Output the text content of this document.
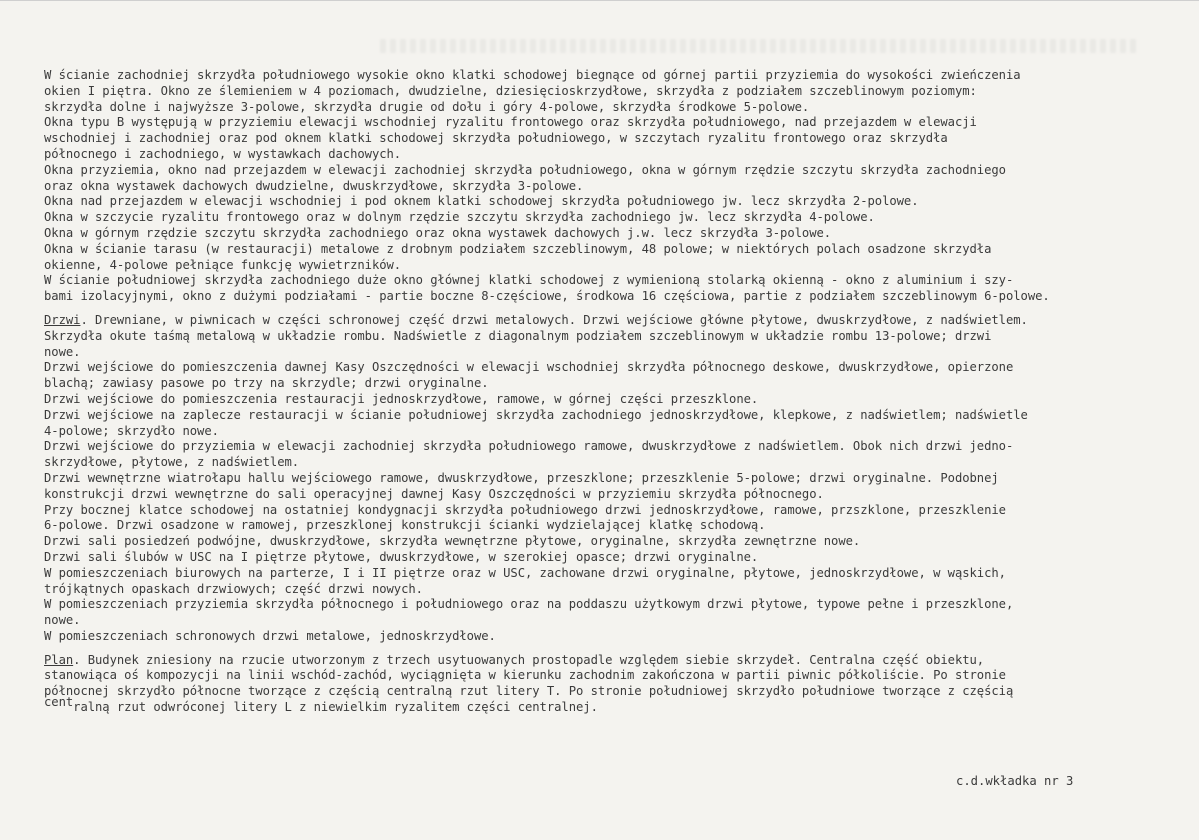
W ścianie zachodniej skrzydła południowego wysokie okno klatki schodowej biegnące od górnej partii przyziemia do wysokości zwieńczenia
okien I piętra. Okno ze ślemieniem w 4 poziomach, dwudzielne, dziesięcioskrzydłowe, skrzydła z podziałem szczeblinowym poziomym:
skrzydła dolne i najwyższe 3-polowe, skrzydła drugie od dołu i góry 4-polowe, skrzydła środkowe 5-polowe.
Okna typu B występują w przyziemiu elewacji wschodniej ryzalitu frontowego oraz skrzydła południowego, nad przejazdem w elewacji
wschodniej i zachodniej oraz pod oknem klatki schodowej skrzydła południowego, w szczytach ryzalitu frontowego oraz skrzydła
północnego i zachodniego, w wystawkach dachowych.
Okna przyziemia, okno nad przejazdem w elewacji zachodniej skrzydła południowego, okna w górnym rzędzie szczytu skrzydła zachodniego
oraz okna wystawek dachowych dwudzielne, dwuskrzydłowe, skrzydła 3-polowe.
Okna nad przejazdem w elewacji wschodniej i pod oknem klatki schodowej skrzydła południowego jw. lecz skrzydła 2-polowe.
Okna w szczycie ryzalitu frontowego oraz w dolnym rzędzie szczytu skrzydła zachodniego jw. lecz skrzydła 4-polowe.
Okna w górnym rzędzie szczytu skrzydła zachodniego oraz okna wystawek dachowych j.w. lecz skrzydła 3-polowe.
Okna w ścianie tarasu (w restauracji) metalowe z drobnym podziałem szczeblinowym, 48 polowe; w niektórych polach osadzone skrzydła
okienne, 4-polowe pełniące funkcję wywietrzników.
W ścianie południowej skrzydła zachodniego duże okno głównej klatki schodowej z wymienioną stolarką okienną - okno z aluminium i szy-
bami izolacyjnymi, okno z dużymi podziałami - partie boczne 8-częściowe, środkowa 16 częściowa, partie z podziałem szczeblinowym 6-polowe.
Drzwi. Drewniane, w piwnicach w części schronowej część drzwi metalowych. Drzwi wejściowe główne płytowe, dwuskrzydłowe, z nadświetlem.
Skrzydła okute taśmą metalową w układzie rombu. Nadświetle z diagonalnym podziałem szczeblinowym w układzie rombu 13-polowe; drzwi
nowe.
Drzwi wejściowe do pomieszczenia dawnej Kasy Oszczędności w elewacji wschodniej skrzydła północnego deskowe, dwuskrzydłowe, opierzone
blachą; zawiasy pasowe po trzy na skrzydle; drzwi oryginalne.
Drzwi wejściowe do pomieszczenia restauracji jednoskrzydłowe, ramowe, w górnej części przeszklone.
Drzwi wejściowe na zaplecze restauracji w ścianie południowej skrzydła zachodniego jednoskrzydłowe, klepkowe, z nadświetlem; nadświetle
4-polowe; skrzydło nowe.
Drzwi wejściowe do przyziemia w elewacji zachodniej skrzydła południowego ramowe, dwuskrzydłowe z nadświetlem. Obok nich drzwi jedno-
skrzydłowe, płytowe, z nadświetlem.
Drzwi wewnętrzne wiatrołapu hallu wejściowego ramowe, dwuskrzydłowe, przeszklone; przeszklenie 5-polowe; drzwi oryginalne. Podobnej
konstrukcji drzwi wewnętrzne do sali operacyjnej dawnej Kasy Oszczędności w przyziemiu skrzydła północnego.
Przy bocznej klatce schodowej na ostatniej kondygnacji skrzydła południowego drzwi jednoskrzydłowe, ramowe, przszklone, przeszklenie
6-polowe. Drzwi osadzone w ramowej, przeszklonej konstrukcji ścianki wydzielającej klatkę schodową.
Drzwi sali posiedzeń podwójne, dwuskrzydłowe, skrzydła wewnętrzne płytowe, oryginalne, skrzydła zewnętrzne nowe.
Drzwi sali ślubów w USC na I piętrze płytowe, dwuskrzydłowe, w szerokiej opasce; drzwi oryginalne.
W pomieszczeniach biurowych na parterze, I i II piętrze oraz w USC, zachowane drzwi oryginalne, płytowe, jednoskrzydłowe, w wąskich,
trójkątnych opaskach drzwiowych; część drzwi nowych.
W pomieszczeniach przyziemia skrzydła północnego i południowego oraz na poddaszu użytkowym drzwi płytowe, typowe pełne i przeszklone,
nowe.
W pomieszczeniach schronowych drzwi metalowe, jednoskrzydłowe.
Plan. Budynek zniesiony na rzucie utworzonym z trzech usytuowanych prostopadle względem siebie skrzydeł. Centralna część obiektu,
stanowiąca oś kompozycji na linii wschód-zachód, wyciągnięta w kierunku zachodnim zakończona w partii piwnic półkoliście. Po stronie
północnej skrzydło północne tworzące z częścią centralną rzut litery T. Po stronie południowej skrzydło południowe tworzące z częścią
centralną rzut odwróconej litery L z niewielkim ryzalitem części centralnej.
c.d.wkładka nr 3
